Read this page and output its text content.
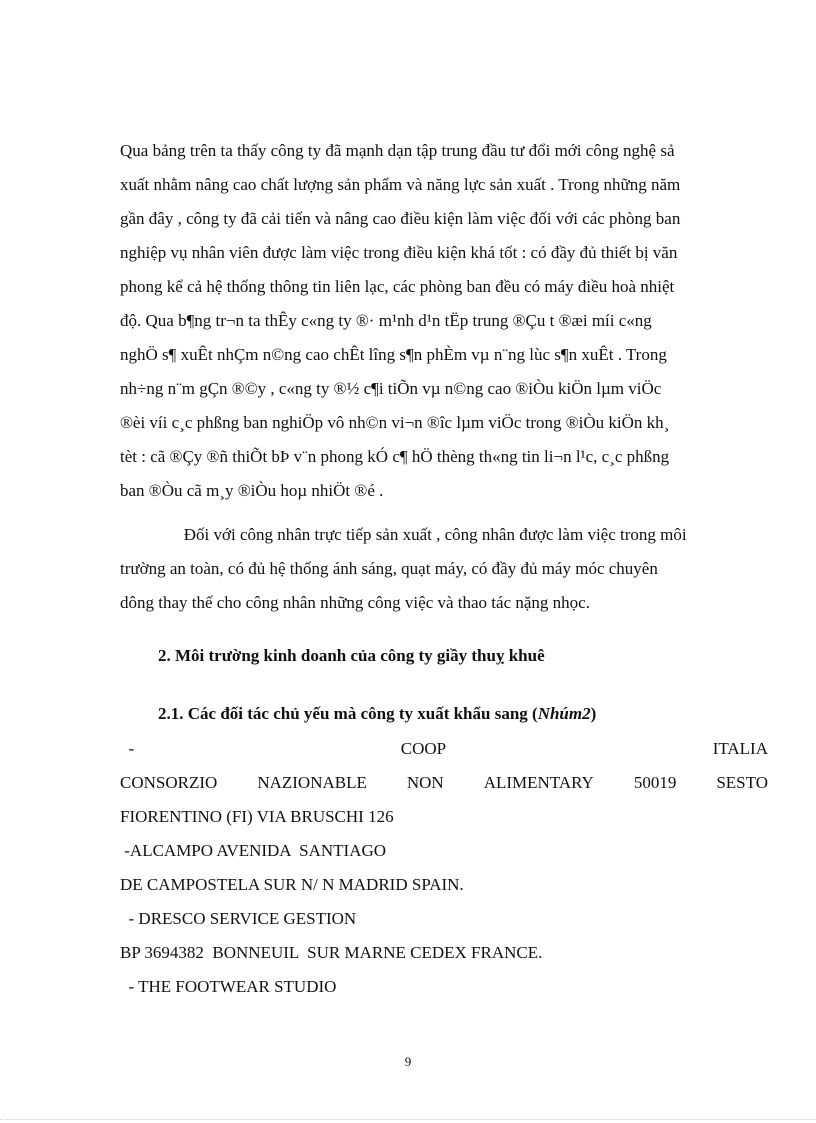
Qua bảng trên ta thấy công ty đã mạnh dạn tập trung đầu tư đổi mới công nghệ sả
xuất nhằm nâng cao chất lượng sản phẩm và năng lực sản xuất . Trong những năm
gần đây , công ty đã cải tiến và nâng cao điều kiện làm việc đối với các phòng ban
nghiệp vụ nhân viên được làm việc trong điều kiện khá tốt : có đầy đủ thiết bị văn
phong kể cả hệ thống thông tin liên lạc, các phòng ban đều có máy điều hoà nhiệt
độ. Qua b¶ng tr¬n ta thÊy c«ng ty ®· m¹nh d¹n tËp trung ®Çu t ®æi míi c«ng
nghÖ s¶ xuÊt nhÇm n©ng cao chÊt lîng s¶n phÈm vµ n¨ng lùc s¶n xuÊt . Trong
nh÷ng n¨m gÇn ®©y , c«ng ty ®½ c¶i tiÕn vµ n©ng cao ®iÒu kiÖn lµm viÖc
®èi víi c¸c phßng ban nghiÖp vô nh©n vi¬n ®îc lµm viÖc trong ®iÒu kiÖn kh¸
tèt : cã ®Çy ®ñ thiÕt bÞ v¨n phong kÓ c¶ hÖ thèng th«ng tin li¬n l¹c, c¸c phßng
ban ®Òu cã m¸y ®iÒu hoµ nhiÖt ®é .
Đối với công nhân trực tiếp sản xuất , công nhân được làm việc trong môi
trường an toàn, có đủ hệ thống ánh sáng, quạt máy, có đầy đủ máy móc chuyên
dông thay thế cho công nhân những công việc và thao tác nặng nhọc.
2. Môi trường kinh doanh của công ty giầy thuỵ khuê
2.1. Các đối tác chủ yếu mà công ty xuất khẩu sang (Nhúm2)
-	COOP	ITALIA
CONSORZIO NAZIONABLE NON ALIMENTARY 50019 SESTO
FIORENTINO (FI) VIA BRUSCHI 126
-ALCAMPO AVENIDA  SANTIAGO
DE CAMPOSTELA SUR N/ N MADRID SPAIN.
- DRESCO SERVICE GESTION
BP 3694382  BONNEUIL  SUR MARNE CEDEX FRANCE.
- THE FOOTWEAR STUDIO
9
